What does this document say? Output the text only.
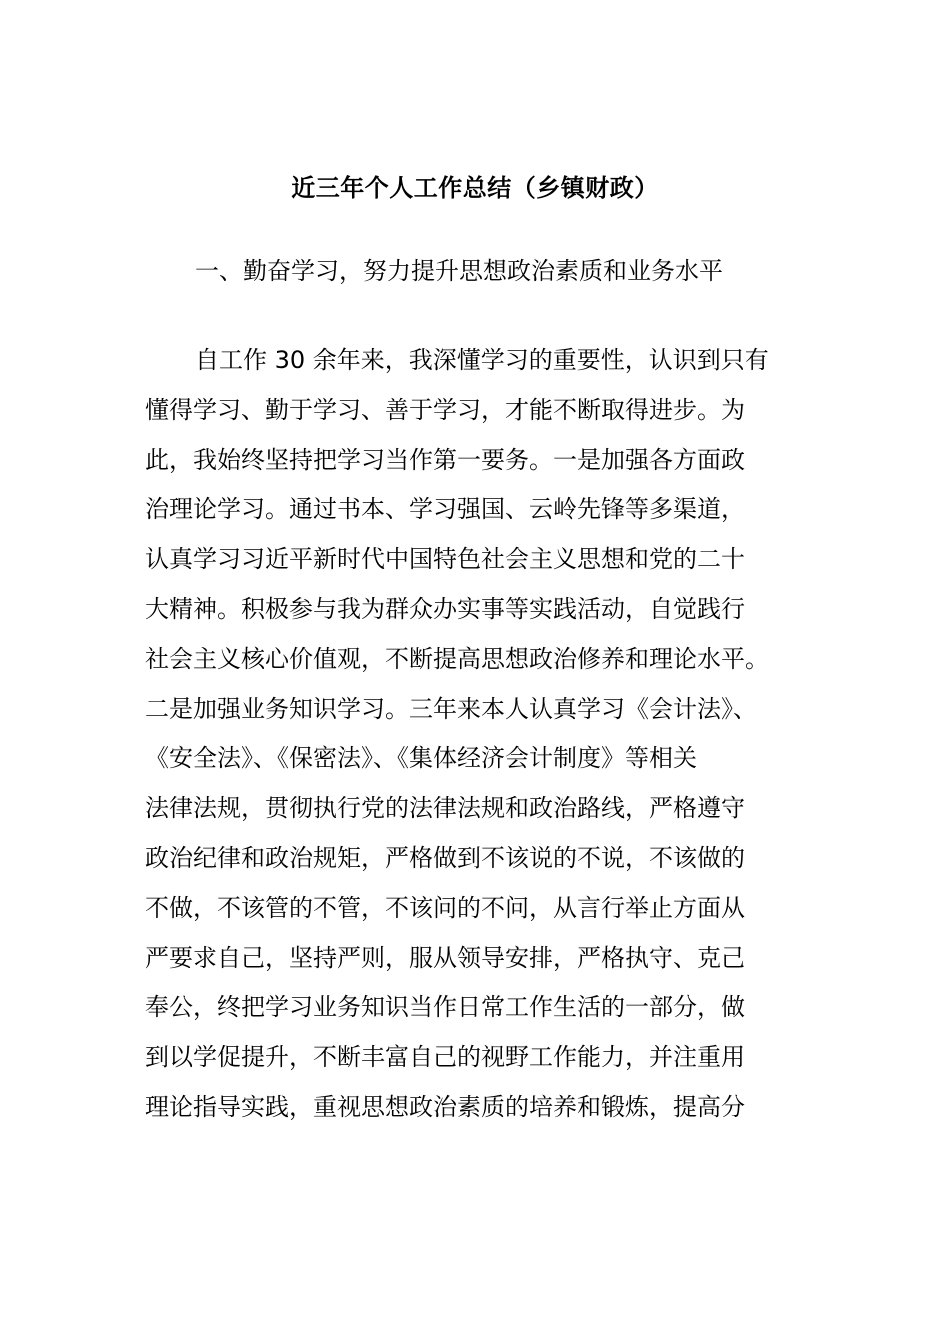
近三年个人工作总结（乡镇财政）
一、勤奋学习，努力提升思想政治素质和业务水平
自工作 30 余年来，我深懂学习的重要性，认识到只有
懂得学习、勤于学习、善于学习，才能不断取得进步。为
此，我始终坚持把学习当作第一要务。一是加强各方面政
治理论学习。通过书本、学习强国、云岭先锋等多渠道，
认真学习习近平新时代中国特色社会主义思想和党的二十
大精神。积极参与我为群众办实事等实践活动，自觉践行
社会主义核心价值观，不断提高思想政治修养和理论水平。
二是加强业务知识学习。三年来本人认真学习《会计法》、
《安全法》、《保密法》、《集体经济会计制度》等相关
法律法规，贯彻执行党的法律法规和政治路线，严格遵守
政治纪律和政治规矩，严格做到不该说的不说，不该做的
不做，不该管的不管，不该问的不问，从言行举止方面从
严要求自己，坚持严则，服从领导安排，严格执守、克己
奉公，终把学习业务知识当作日常工作生活的一部分，做
到以学促提升，不断丰富自己的视野工作能力，并注重用
理论指导实践，重视思想政治素质的培养和锻炼，提高分
